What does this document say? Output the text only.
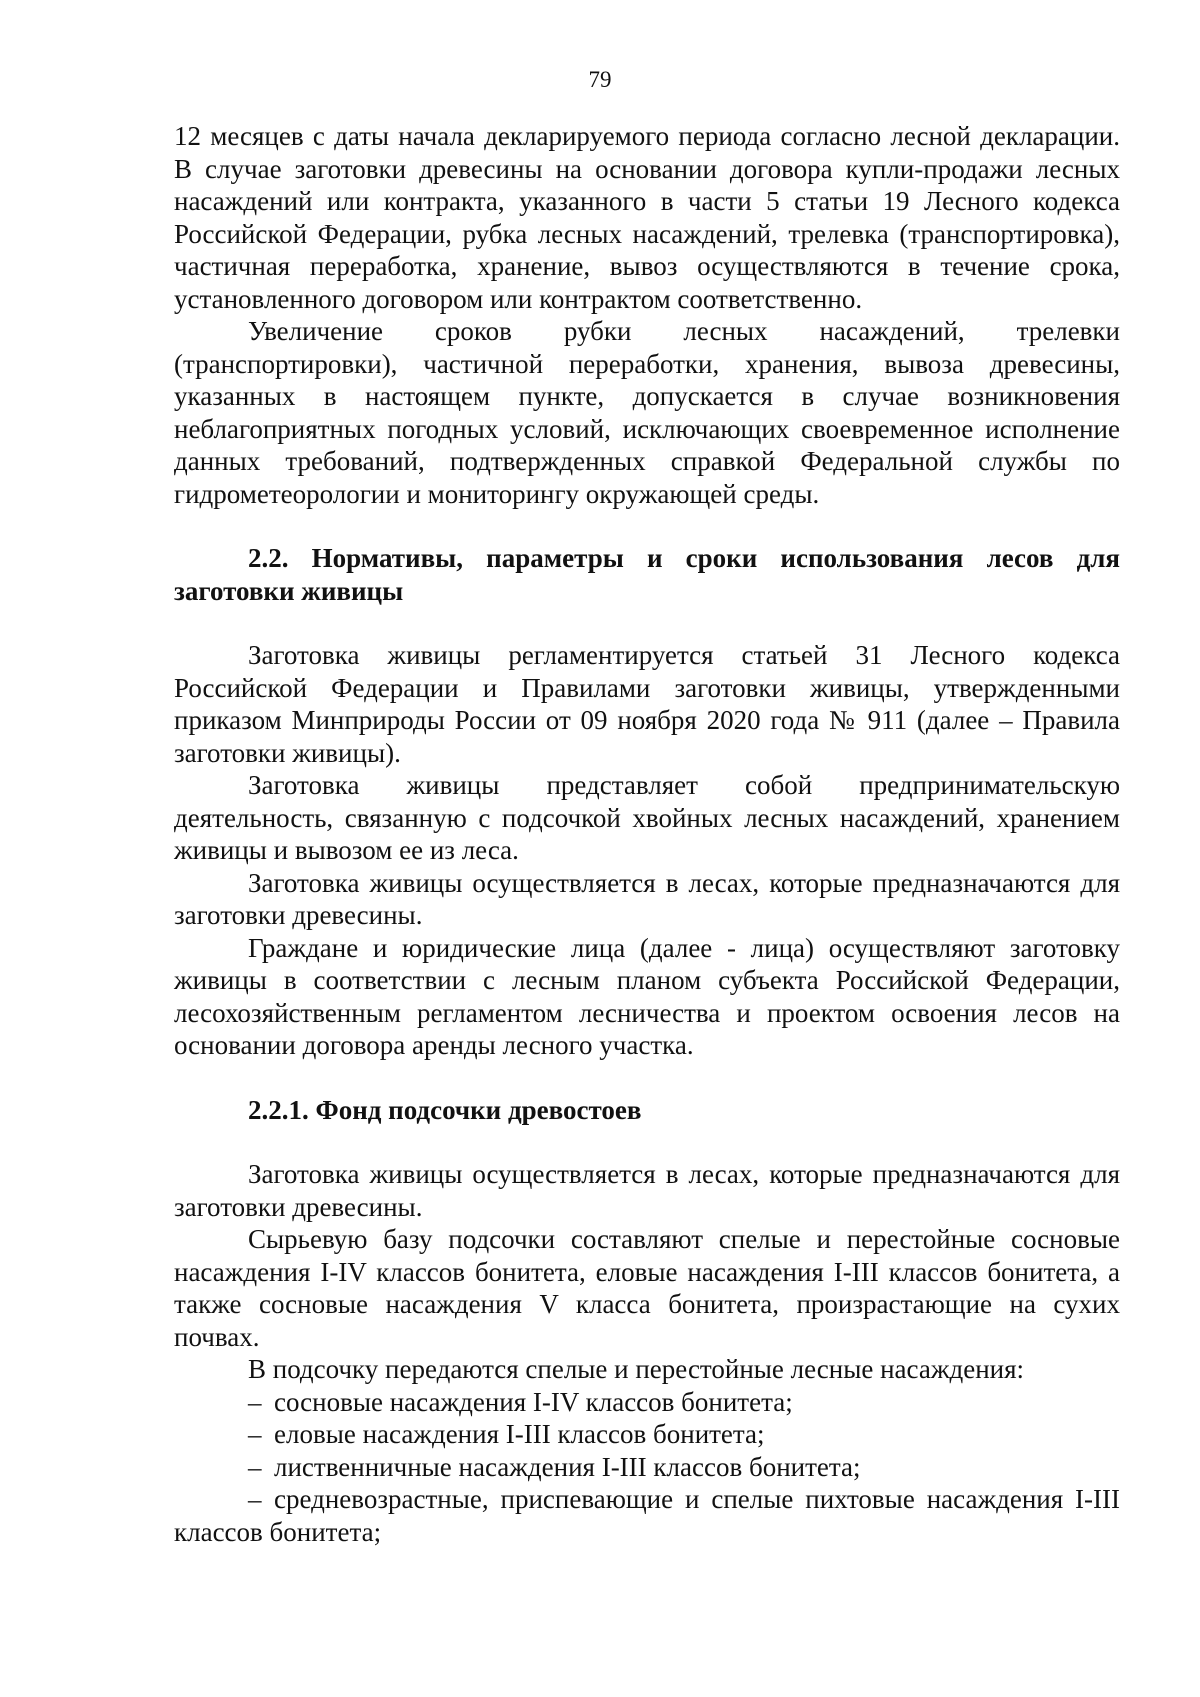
79

12 месяцев с даты начала декларируемого периода согласно лесной декларации. В случае заготовки древесины на основании договора купли-продажи лесных насаждений или контракта, указанного в части 5 статьи 19 Лесного кодекса Российской Федерации, рубка лесных насаждений, трелевка (транспортировка), частичная переработка, хранение, вывоз осуществляются в течение срока, установленного договором или контрактом соответственно.

Увеличение сроков рубки лесных насаждений, трелевки (транспортировки), частичной переработки, хранения, вывоза древесины, указанных в настоящем пункте, допускается в случае возникновения неблагоприятных погодных условий, исключающих своевременное исполнение данных требований, подтвержденных справкой Федеральной службы по гидрометеорологии и мониторингу окружающей среды.

2.2. Нормативы, параметры и сроки использования лесов для заготовки живицы

Заготовка живицы регламентируется статьей 31 Лесного кодекса Российской Федерации и Правилами заготовки живицы, утвержденными приказом Минприроды России от 09 ноября 2020 года № 911 (далее – Правила заготовки живицы).

Заготовка живицы представляет собой предпринимательскую деятельность, связанную с подсочкой хвойных лесных насаждений, хранением живицы и вывозом ее из леса.

Заготовка живицы осуществляется в лесах, которые предназначаются для заготовки древесины.

Граждане и юридические лица (далее - лица) осуществляют заготовку живицы в соответствии с лесным планом субъекта Российской Федерации, лесохозяйственным регламентом лесничества и проектом освоения лесов на основании договора аренды лесного участка.

2.2.1. Фонд подсочки древостоев

Заготовка живицы осуществляется в лесах, которые предназначаются для заготовки древесины.

Сырьевую базу подсочки составляют спелые и перестойные сосновые насаждения I-IV классов бонитета, еловые насаждения I-III классов бонитета, а также сосновые насаждения V класса бонитета, произрастающие на сухих почвах.

В подсочку передаются спелые и перестойные лесные насаждения:

– сосновые насаждения I-IV классов бонитета;

– еловые насаждения I-III классов бонитета;

– лиственничные насаждения I-III классов бонитета;

– средневозрастные, приспевающие и спелые пихтовые насаждения I-III классов бонитета;
